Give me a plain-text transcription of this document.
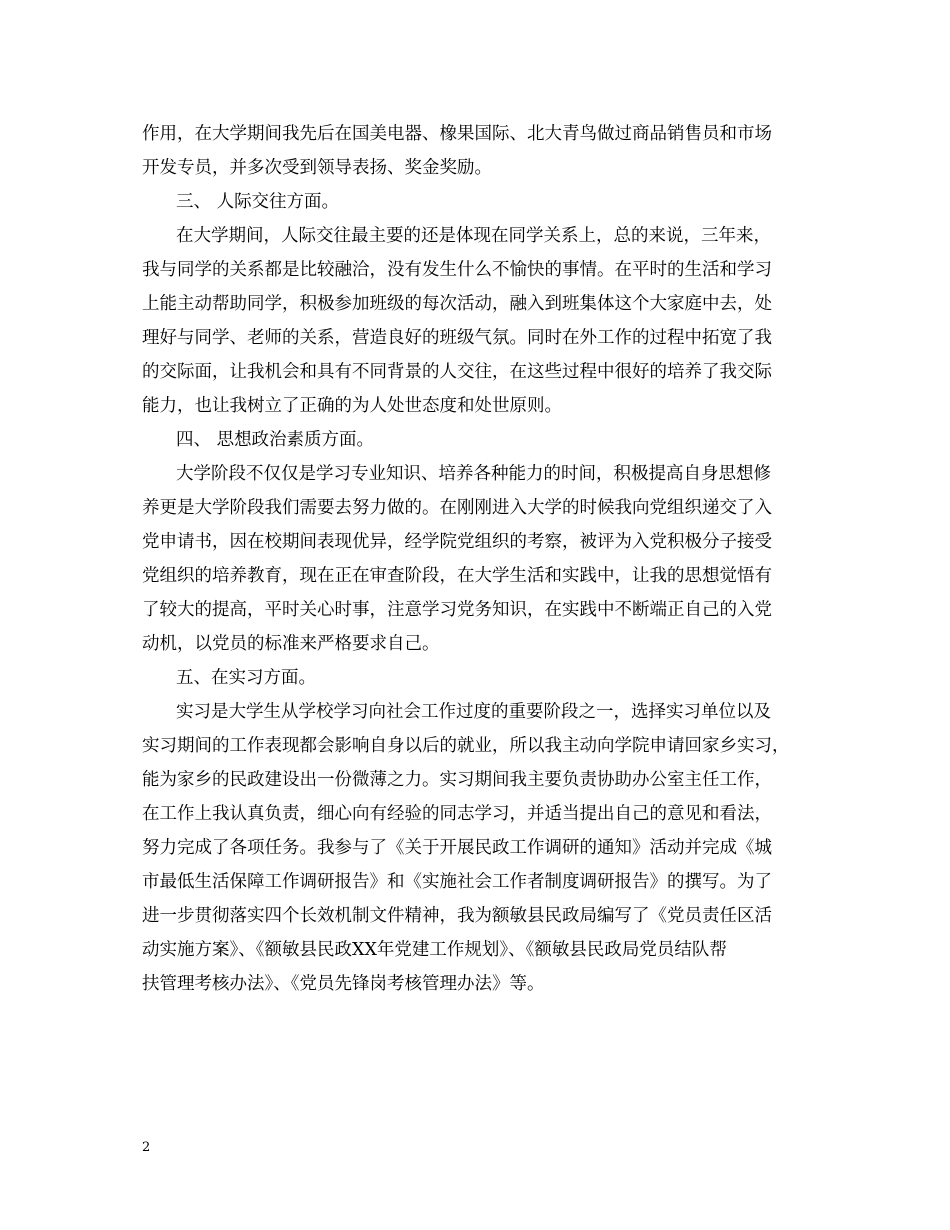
作用，在大学期间我先后在国美电器、橡果国际、北大青鸟做过商品销售员和市场
开发专员，并多次受到领导表扬、奖金奖励。
三、 人际交往方面。
在大学期间，人际交往最主要的还是体现在同学关系上，总的来说，三年来，
我与同学的关系都是比较融洽，没有发生什么不愉快的事情。在平时的生活和学习
上能主动帮助同学，积极参加班级的每次活动，融入到班集体这个大家庭中去，处
理好与同学、老师的关系，营造良好的班级气氛。同时在外工作的过程中拓宽了我
的交际面，让我机会和具有不同背景的人交往，在这些过程中很好的培养了我交际
能力，也让我树立了正确的为人处世态度和处世原则。
四、 思想政治素质方面。
大学阶段不仅仅是学习专业知识、培养各种能力的时间，积极提高自身思想修
养更是大学阶段我们需要去努力做的。在刚刚进入大学的时候我向党组织递交了入
党申请书，因在校期间表现优异，经学院党组织的考察，被评为入党积极分子接受
党组织的培养教育，现在正在审查阶段，在大学生活和实践中，让我的思想觉悟有
了较大的提高，平时关心时事，注意学习党务知识，在实践中不断端正自己的入党
动机，以党员的标准来严格要求自己。
五、在实习方面。
实习是大学生从学校学习向社会工作过度的重要阶段之一，选择实习单位以及
实习期间的工作表现都会影响自身以后的就业，所以我主动向学院申请回家乡实习，
能为家乡的民政建设出一份微薄之力。实习期间我主要负责协助办公室主任工作，
在工作上我认真负责，细心向有经验的同志学习，并适当提出自己的意见和看法，
努力完成了各项任务。我参与了《关于开展民政工作调研的通知》活动并完成《城
市最低生活保障工作调研报告》和《实施社会工作者制度调研报告》的撰写。为了
进一步贯彻落实四个长效机制文件精神，我为额敏县民政局编写了《党员责任区活
动实施方案》、《额敏县民政XX年党建工作规划》、《额敏县民政局党员结队帮
扶管理考核办法》、《党员先锋岗考核管理办法》等。
2
